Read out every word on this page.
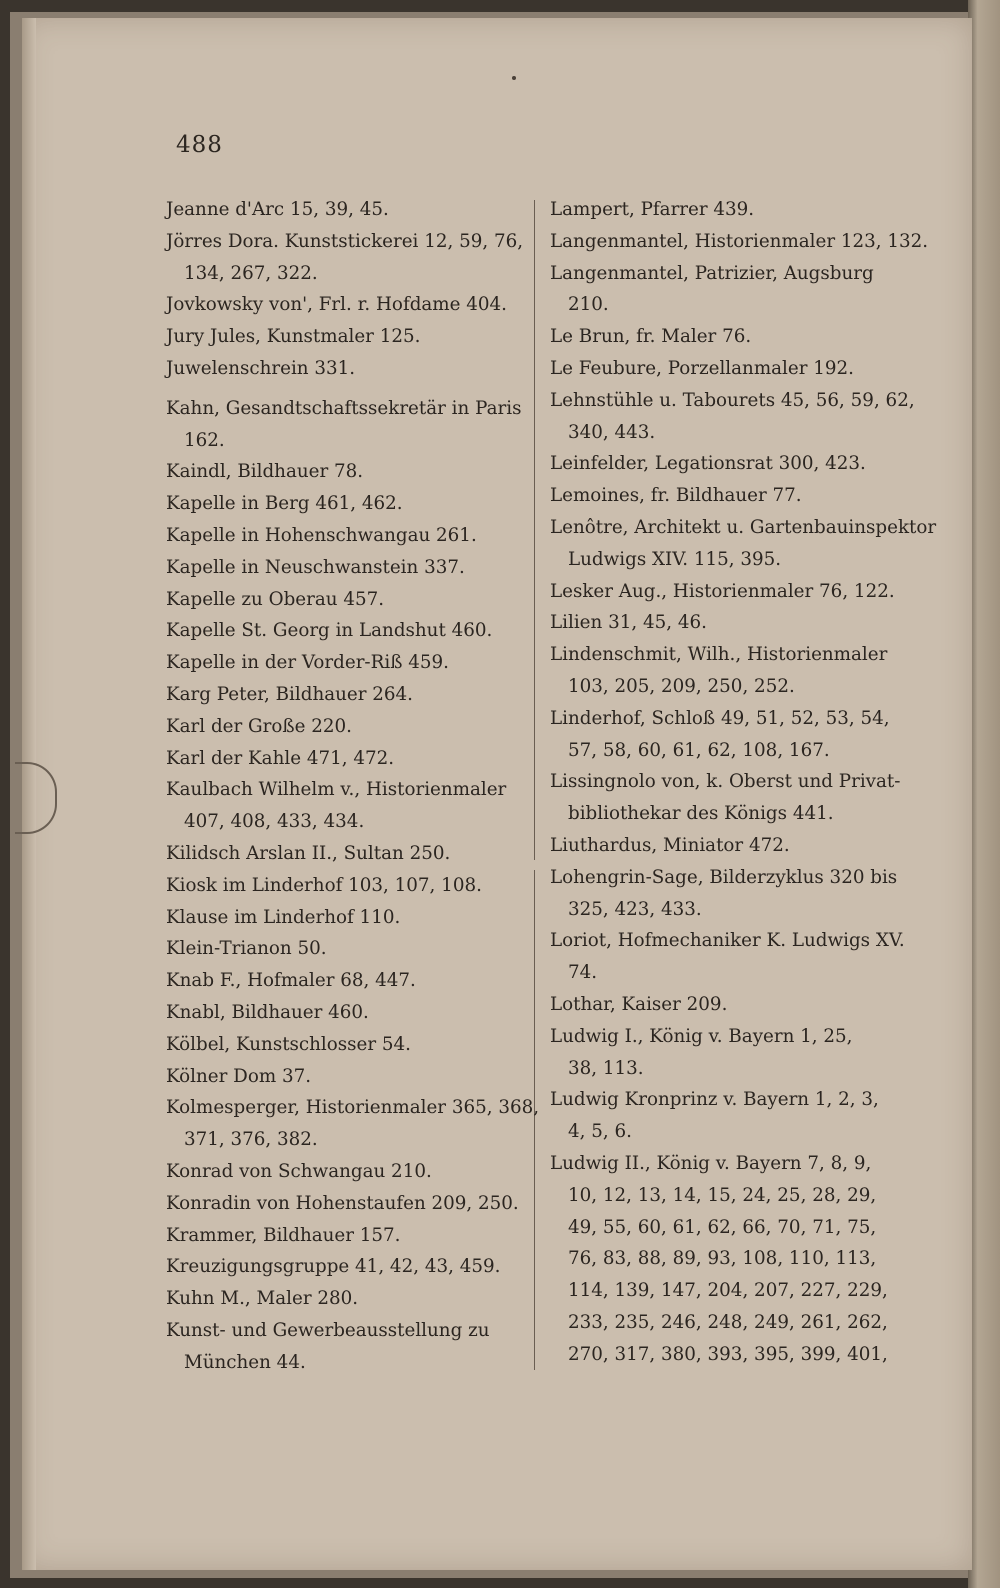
488
Jeanne d'Arc 15, 39, 45.
Jörres Dora. Kunststickerei 12, 59, 76,
134, 267, 322.
Jovkowsky von', Frl. r. Hofdame 404.
Jury Jules, Kunstmaler 125.
Juwelenschrein 331.
Kahn, Gesandtschaftssekretär in Paris
162.
Kaindl, Bildhauer 78.
Kapelle in Berg 461, 462.
Kapelle in Hohenschwangau 261.
Kapelle in Neuschwanstein 337.
Kapelle zu Oberau 457.
Kapelle St. Georg in Landshut 460.
Kapelle in der Vorder-Riß 459.
Karg Peter, Bildhauer 264.
Karl der Große 220.
Karl der Kahle 471, 472.
Kaulbach Wilhelm v., Historienmaler
407, 408, 433, 434.
Kilidsch Arslan II., Sultan 250.
Kiosk im Linderhof 103, 107, 108.
Klause im Linderhof 110.
Klein-Trianon 50.
Knab F., Hofmaler 68, 447.
Knabl, Bildhauer 460.
Kölbel, Kunstschlosser 54.
Kölner Dom 37.
Kolmesperger, Historienmaler 365, 368,
371, 376, 382.
Konrad von Schwangau 210.
Konradin von Hohenstaufen 209, 250.
Krammer, Bildhauer 157.
Kreuzigungsgruppe 41, 42, 43, 459.
Kuhn M., Maler 280.
Kunst- und Gewerbeausstellung zu
München 44.
Lampert, Pfarrer 439.
Langenmantel, Historienmaler 123, 132.
Langenmantel, Patrizier, Augsburg
210.
Le Brun, fr. Maler 76.
Le Feubure, Porzellanmaler 192.
Lehnstühle u. Tabourets 45, 56, 59, 62,
340, 443.
Leinfelder, Legationsrat 300, 423.
Lemoines, fr. Bildhauer 77.
Lenôtre, Architekt u. Gartenbauinspektor
Ludwigs XIV. 115, 395.
Lesker Aug., Historienmaler 76, 122.
Lilien 31, 45, 46.
Lindenschmit, Wilh., Historienmaler
103, 205, 209, 250, 252.
Linderhof, Schloß 49, 51, 52, 53, 54,
57, 58, 60, 61, 62, 108, 167.
Lissingnolo von, k. Oberst und Privat-
bibliothekar des Königs 441.
Liuthardus, Miniator 472.
Lohengrin-Sage, Bilderzyklus 320 bis
325, 423, 433.
Loriot, Hofmechaniker K. Ludwigs XV.
74.
Lothar, Kaiser 209.
Ludwig I., König v. Bayern 1, 25,
38, 113.
Ludwig Kronprinz v. Bayern 1, 2, 3,
4, 5, 6.
Ludwig II., König v. Bayern 7, 8, 9,
10, 12, 13, 14, 15, 24, 25, 28, 29,
49, 55, 60, 61, 62, 66, 70, 71, 75,
76, 83, 88, 89, 93, 108, 110, 113,
114, 139, 147, 204, 207, 227, 229,
233, 235, 246, 248, 249, 261, 262,
270, 317, 380, 393, 395, 399, 401,
